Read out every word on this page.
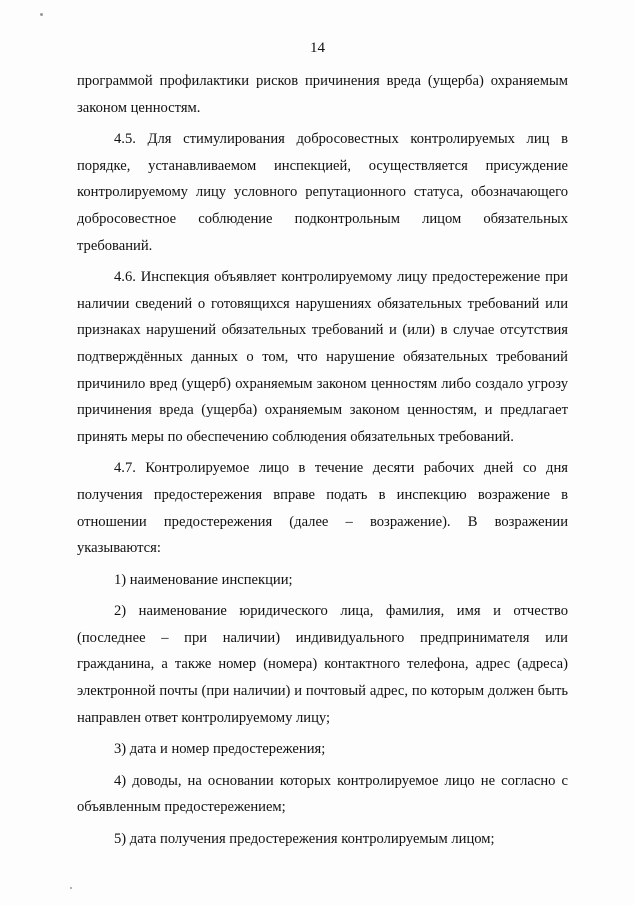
14

программой профилактики рисков причинения вреда (ущерба) охраняемым законом ценностям.

4.5. Для стимулирования добросовестных контролируемых лиц в порядке, устанавливаемом инспекцией, осуществляется присуждение контролируемому лицу условного репутационного статуса, обозначающего добросовестное соблюдение подконтрольным лицом обязательных требований.

4.6. Инспекция объявляет контролируемому лицу предостережение при наличии сведений о готовящихся нарушениях обязательных требований или признаках нарушений обязательных требований и (или) в случае отсутствия подтверждённых данных о том, что нарушение обязательных требований причинило вред (ущерб) охраняемым законом ценностям либо создало угрозу причинения вреда (ущерба) охраняемым законом ценностям, и предлагает принять меры по обеспечению соблюдения обязательных требований.

4.7. Контролируемое лицо в течение десяти рабочих дней со дня получения предостережения вправе подать в инспекцию возражение в отношении предостережения (далее – возражение). В возражении указываются:

1) наименование инспекции;

2) наименование юридического лица, фамилия, имя и отчество (последнее – при наличии) индивидуального предпринимателя или гражданина, а также номер (номера) контактного телефона, адрес (адреса) электронной почты (при наличии) и почтовый адрес, по которым должен быть направлен ответ контролируемому лицу;

3) дата и номер предостережения;

4) доводы, на основании которых контролируемое лицо не согласно с объявленным предостережением;

5) дата получения предостережения контролируемым лицом;
